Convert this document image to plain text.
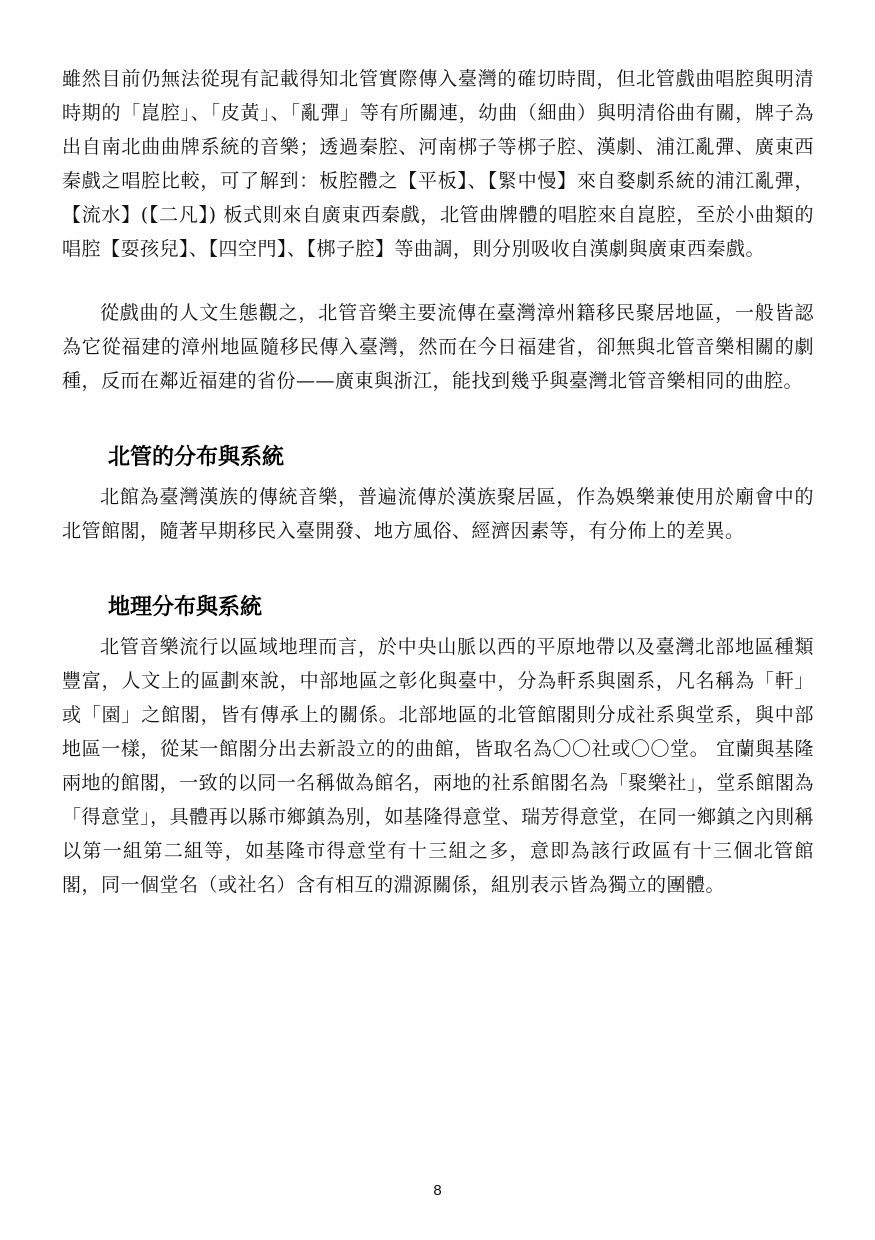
雖然目前仍無法從現有記載得知北管實際傳入臺灣的確切時間，但北管戲曲唱腔與明清時期的「崑腔」、「皮黃」、「亂彈」等有所關連，幼曲（細曲）與明清俗曲有關，牌子為出自南北曲曲牌系統的音樂；透過秦腔、河南梆子等梆子腔、漢劇、浦江亂彈、廣東西秦戲之唱腔比較，可了解到：板腔體之【平板】、【緊中慢】來自婺劇系統的浦江亂彈，【流水】(【二凡】) 板式則來自廣東西秦戲，北管曲牌體的唱腔來自崑腔，至於小曲類的唱腔【耍孩兒】、【四空門】、【梆子腔】等曲調，則分別吸收自漢劇與廣東西秦戲。

從戲曲的人文生態觀之，北管音樂主要流傳在臺灣漳州籍移民聚居地區，一般皆認為它從福建的漳州地區隨移民傳入臺灣，然而在今日福建省，卻無與北管音樂相關的劇種，反而在鄰近福建的省份——廣東與浙江，能找到幾乎與臺灣北管音樂相同的曲腔。

北管的分布與系統

北館為臺灣漢族的傳統音樂，普遍流傳於漢族聚居區，作為娛樂兼使用於廟會中的北管館閣，隨著早期移民入臺開發、地方風俗、經濟因素等，有分佈上的差異。

地理分布與系統

北管音樂流行以區域地理而言，於中央山脈以西的平原地帶以及臺灣北部地區種類豐富，人文上的區劃來說，中部地區之彰化與臺中，分為軒系與園系，凡名稱為「軒」或「園」之館閣，皆有傳承上的關係。北部地區的北管館閣則分成社系與堂系，與中部地區一樣，從某一館閣分出去新設立的的曲館，皆取名為〇〇社或〇〇堂。 宜蘭與基隆兩地的館閣，一致的以同一名稱做為館名，兩地的社系館閣名為「聚樂社」，堂系館閣為「得意堂」，具體再以縣市鄉鎮為別，如基隆得意堂、瑞芳得意堂，在同一鄉鎮之內則稱以第一組第二組等，如基隆市得意堂有十三組之多，意即為該行政區有十三個北管館閣，同一個堂名（或社名）含有相互的淵源關係，組別表示皆為獨立的團體。

8
